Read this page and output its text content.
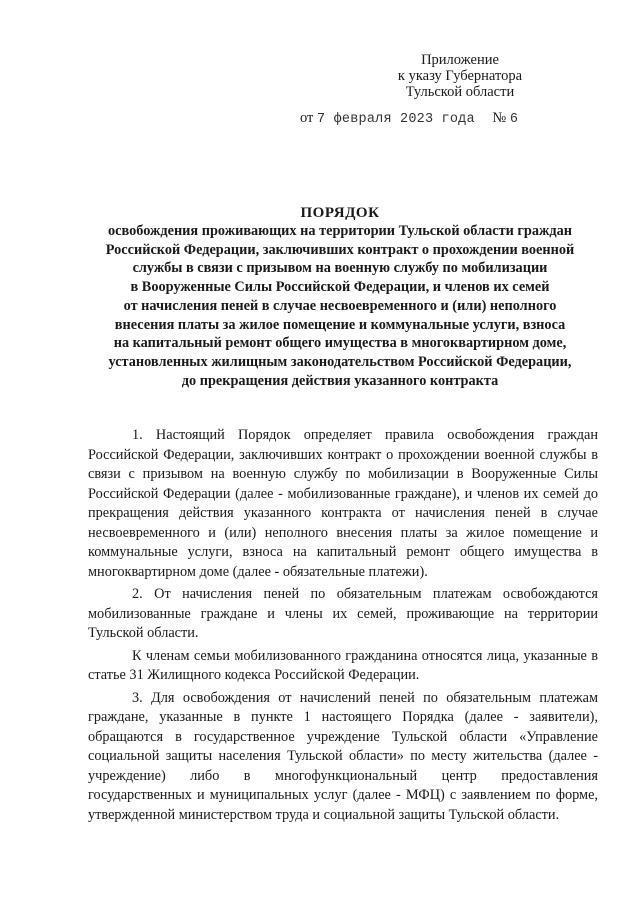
Приложение
к указу Губернатора
Тульской области
от 7 февраля 2023 года № 6
ПОРЯДОК
освобождения проживающих на территории Тульской области граждан
Российской Федерации, заключивших контракт о прохождении военной
службы в связи с призывом на военную службу по мобилизации
в Вооруженные Силы Российской Федерации, и членов их семей
от начисления пеней в случае несвоевременного и (или) неполного
внесения платы за жилое помещение и коммунальные услуги, взноса
на капитальный ремонт общего имущества в многоквартирном доме,
установленных жилищным законодательством Российской Федерации,
до прекращения действия указанного контракта

1. Настоящий Порядок определяет правила освобождения граждан Российской Федерации, заключивших контракт о прохождении военной службы в связи с призывом на военную службу по мобилизации в Вооруженные Силы Российской Федерации (далее - мобилизованные граждане), и членов их семей до прекращения действия указанного контракта от начисления пеней в случае несвоевременного и (или) неполного внесения платы за жилое помещение и коммунальные услуги, взноса на капитальный ремонт общего имущества в многоквартирном доме (далее - обязательные платежи).

2. От начисления пеней по обязательным платежам освобождаются мобилизованные граждане и члены их семей, проживающие на территории Тульской области.

К членам семьи мобилизованного гражданина относятся лица, указанные в статье 31 Жилищного кодекса Российской Федерации.

3. Для освобождения от начислений пеней по обязательным платежам граждане, указанные в пункте 1 настоящего Порядка (далее - заявители), обращаются в государственное учреждение Тульской области «Управление социальной защиты населения Тульской области» по месту жительства (далее - учреждение) либо в многофункциональный центр предоставления государственных и муниципальных услуг (далее - МФЦ) с заявлением по форме, утвержденной министерством труда и социальной защиты Тульской области.
